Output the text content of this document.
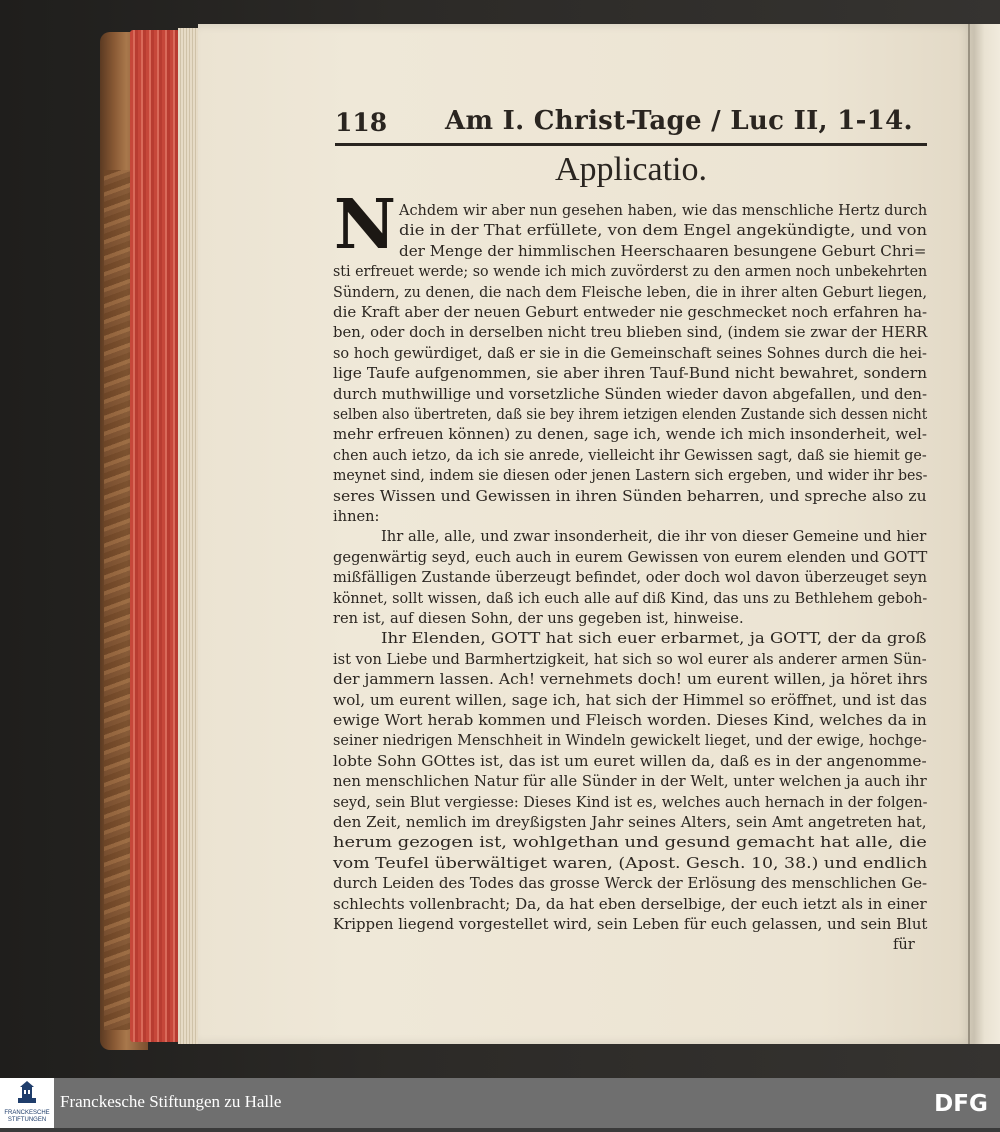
118 Am I. Christ-Tage / Luc II, 1-14.
Applicatio.
N Achdem wir aber nun gesehen haben, wie das menschliche Hertz durch
die in der That erfüllete, von dem Engel angekündigte, und von
der Menge der himmlischen Heerschaaren besungene Geburt Chri=
sti erfreuet werde; so wende ich mich zuvörderst zu den armen noch unbekehrten
Sündern, zu denen, die nach dem Fleische leben, die in ihrer alten Geburt liegen,
die Kraft aber der neuen Geburt entweder nie geschmecket noch erfahren ha-
ben, oder doch in derselben nicht treu blieben sind, (indem sie zwar der HERR
so hoch gewürdiget, daß er sie in die Gemeinschaft seines Sohnes durch die hei-
lige Taufe aufgenommen, sie aber ihren Tauf-Bund nicht bewahret, sondern
durch muthwillige und vorsetzliche Sünden wieder davon abgefallen, und den-
selben also übertreten, daß sie bey ihrem ietzigen elenden Zustande sich dessen nicht
mehr erfreuen können) zu denen, sage ich, wende ich mich insonderheit, wel-
chen auch ietzo, da ich sie anrede, vielleicht ihr Gewissen sagt, daß sie hiemit ge-
meynet sind, indem sie diesen oder jenen Lastern sich ergeben, und wider ihr bes-
seres Wissen und Gewissen in ihren Sünden beharren, und spreche also zu
ihnen:
Ihr alle, alle, und zwar insonderheit, die ihr von dieser Gemeine und hier
gegenwärtig seyd, euch auch in eurem Gewissen von eurem elenden und GOTT
mißfälligen Zustande überzeugt befindet, oder doch wol davon überzeuget seyn
könnet, sollt wissen, daß ich euch alle auf diß Kind, das uns zu Bethlehem geboh-
ren ist, auf diesen Sohn, der uns gegeben ist, hinweise.
Ihr Elenden, GOTT hat sich euer erbarmet, ja GOTT, der da groß
ist von Liebe und Barmhertzigkeit, hat sich so wol eurer als anderer armen Sün-
der jammern lassen. Ach! vernehmets doch! um eurent willen, ja höret ihrs
wol, um eurent willen, sage ich, hat sich der Himmel so eröffnet, und ist das
ewige Wort herab kommen und Fleisch worden. Dieses Kind, welches da in
seiner niedrigen Menschheit in Windeln gewickelt lieget, und der ewige, hochge-
lobte Sohn GOttes ist, das ist um euret willen da, daß es in der angenomme-
nen menschlichen Natur für alle Sünder in der Welt, unter welchen ja auch ihr
seyd, sein Blut vergiesse: Dieses Kind ist es, welches auch hernach in der folgen-
den Zeit, nemlich im dreyßigsten Jahr seines Alters, sein Amt angetreten hat,
herum gezogen ist, wohlgethan und gesund gemacht hat alle, die
vom Teufel überwältiget waren, (Apost. Gesch. 10, 38.) und endlich
durch Leiden des Todes das grosse Werck der Erlösung des menschlichen Ge-
schlechts vollenbracht; Da, da hat eben derselbige, der euch ietzt als in einer
Krippen liegend vorgestellet wird, sein Leben für euch gelassen, und sein Blut
für
FRANCKESCHE
STIFTUNGEN
Franckesche Stiftungen zu Halle	DFG
